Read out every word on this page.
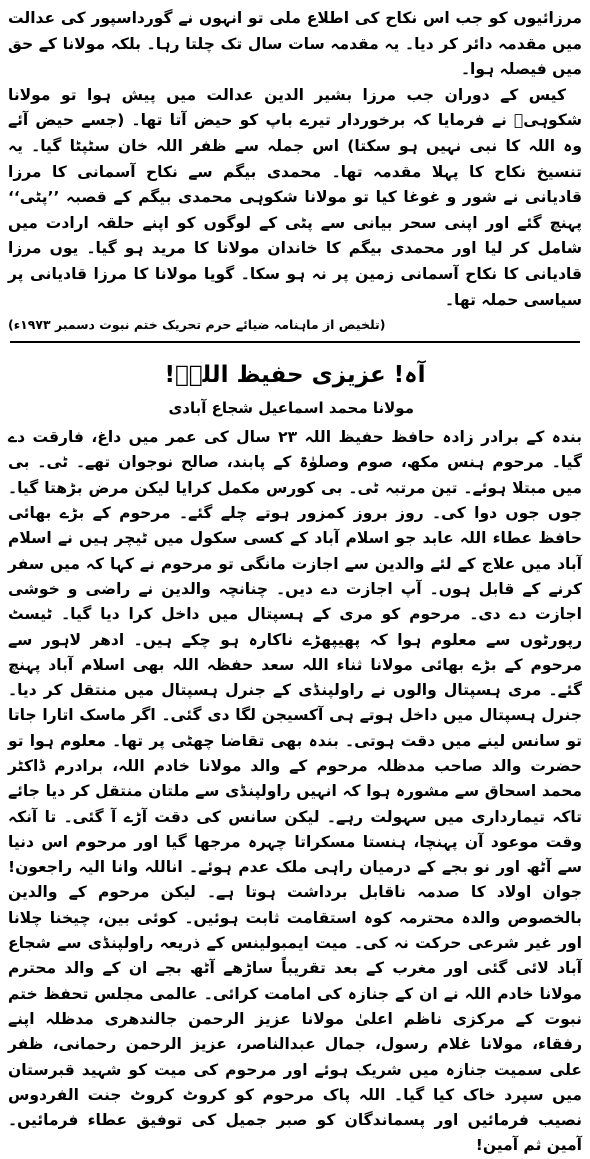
مرزائیوں کو جب اس نکاح کی اطلاع ملی تو انہوں نے گورداسپور کی عدالت میں مقدمہ دائر کر دیا۔ یہ مقدمہ سات سال تک چلتا رہا۔ بلکہ مولانا کے حق میں فیصلہ ہوا۔

کیس کے دوران جب مرزا بشیر الدین عدالت میں پیش ہوا تو مولانا شکوہیؒ نے فرمایا کہ برخوردار تیرے باپ کو حیض آتا تھا۔ (جسے حیض آئے وہ اللہ کا نبی نہیں ہو سکتا) اس جملہ سے ظفر اللہ خان سٹپٹا گیا۔ یہ تنسیخ نکاح کا پہلا مقدمہ تھا۔ محمدی بیگم سے نکاح آسمانی کا مرزا قادیانی نے شور و غوغا کیا تو مولانا شکوہی محمدی بیگم کے قصبہ ’’پٹی‘‘ پہنچ گئے اور اپنی سحر بیانی سے پٹی کے لوگوں کو اپنے حلقہ ارادت میں شامل کر لیا اور محمدی بیگم کا خاندان مولانا کا مرید ہو گیا۔ یوں مرزا قادیانی کا نکاح آسمانی زمین پر نہ ہو سکا۔ گویا مولانا کا مرزا قادیانی پر سیاسی حملہ تھا۔

(تلخیص از ماہنامہ ضیائے حرم تحریک ختم نبوت دسمبر ۱۹۷۳ء)

آہ! عزیزی حفیظ اللہؒ!
مولانا محمد اسماعیل شجاع آبادی

بندہ کے برادر زادہ حافظ حفیظ اللہ ۲۳ سال کی عمر میں داغ، فارقت دے گیا۔ مرحوم ہنس مکھ، صوم وصلوٰۃ کے پابند، صالح نوجوان تھے۔ ٹی۔ بی میں مبتلا ہوئے۔ تین مرتبہ ٹی۔ بی کورس مکمل کرایا لیکن مرض بڑھتا گیا۔ جوں جوں دوا کی۔ روز بروز کمزور ہوتے چلے گئے۔ مرحوم کے بڑے بھائی حافظ عطاء اللہ عابد جو اسلام آباد کے کسی سکول میں ٹیچر ہیں نے اسلام آباد میں علاج کے لئے والدین سے اجازت مانگی تو مرحوم نے کہا کہ میں سفر کرنے کے قابل ہوں۔ آپ اجازت دے دیں۔ چنانچہ والدین نے راضی و خوشی اجازت دے دی۔ مرحوم کو مری کے ہسپتال میں داخل کرا دیا گیا۔ ٹیسٹ رپورٹوں سے معلوم ہوا کہ پھیپھڑے ناکارہ ہو چکے ہیں۔ ادھر لاہور سے مرحوم کے بڑے بھائی مولانا ثناء اللہ سعد حفظہ اللہ بھی اسلام آباد پہنچ گئے۔ مری ہسپتال والوں نے راولپنڈی کے جنرل ہسپتال میں منتقل کر دیا۔ جنرل ہسپتال میں داخل ہوتے ہی آکسیجن لگا دی گئی۔ اگر ماسک اتارا جاتا تو سانس لینے میں دقت ہوتی۔ بندہ بھی تقاضا چھٹی پر تھا۔ معلوم ہوا تو حضرت والد صاحب مدظلہ مرحوم کے والد مولانا خادم اللہ، برادرم ڈاکٹر محمد اسحاق سے مشورہ ہوا کہ انہیں راولپنڈی سے ملتان منتقل کر دیا جائے تاکہ تیمارداری میں سہولت رہے۔ لیکن سانس کی دقت آڑے آ گئی۔ تا آنکہ وقت موعود آن پہنچا، ہنستا مسکراتا چہرہ مرجھا گیا اور مرحوم اس دنیا سے آٹھ اور نو بجے کے درمیان راہی ملک عدم ہوئے۔ اناللہ وانا الیہ راجعون! جوان اولاد کا صدمہ ناقابل برداشت ہوتا ہے۔ لیکن مرحوم کے والدین بالخصوص والدہ محترمہ کوہ استقامت ثابت ہوئیں۔ کوئی بین، چیخنا چلانا اور غیر شرعی حرکت نہ کی۔ میت ایمبولینس کے ذریعہ راولپنڈی سے شجاع آباد لائی گئی اور مغرب کے بعد تقریباً ساڑھے آٹھ بجے ان کے والد محترم مولانا خادم اللہ نے ان کے جنازہ کی امامت کرائی۔ عالمی مجلس تحفظ ختم نبوت کے مرکزی ناظم اعلیٰ مولانا عزیز الرحمن جالندھری مدظلہ اپنے رفقاء، مولانا غلام رسول، جمال عبدالناصر، عزیز الرحمن رحمانی، ظفر علی سمیت جنازہ میں شریک ہوئے اور مرحوم کی میت کو شہید قبرستان میں سپرد خاک کیا گیا۔ اللہ پاک مرحوم کو کروٹ کروٹ جنت الفردوس نصیب فرمائیں اور پسماندگان کو صبر جمیل کی توفیق عطاء فرمائیں۔ آمین ثم آمین!
